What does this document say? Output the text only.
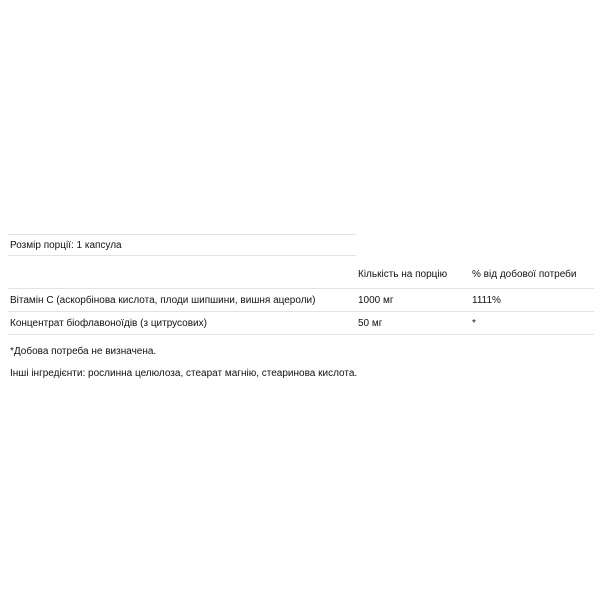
Розмір порції: 1 капсула
	Кількість на порцію	% від добової потреби
Вітамін С (аскорбінова кислота, плоди шипшини, вишня ацероли)	1000 мг	1111%
Концентрат біофлавоноїдів (з цитрусових)	50 мг	*
*Добова потреба не визначена.
Інші інгредієнти: рослинна целюлоза, стеарат магнію, стеаринова кислота.
